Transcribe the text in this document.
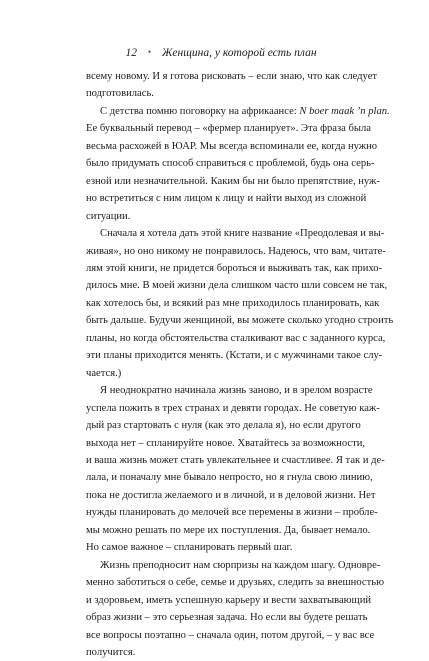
12 • Женщина, у которой есть план

всему новому. И я готова рисковать – если знаю, что как следует
подготовилась.

С детства помню поговорку на африкаансе: N boer maak ’n plan.
Ее буквальный перевод – «фермер планирует». Эта фраза была
весьма расхожей в ЮАР. Мы всегда вспоминали ее, когда нужно
было придумать способ справиться с проблемой, будь она серь-
езной или незначительной. Каким бы ни было препятствие, нуж-
но встретиться с ним лицом к лицу и найти выход из сложной
ситуации.

Сначала я хотела дать этой книге название «Преодолевая и вы-
живая», но оно никому не понравилось. Надеюсь, что вам, читате-
лям этой книги, не придется бороться и выживать так, как прихо-
дилось мне. В моей жизни дела слишком часто шли совсем не так,
как хотелось бы, и всякий раз мне приходилось планировать, как
быть дальше. Будучи женщиной, вы можете сколько угодно строить
планы, но когда обстоятельства сталкивают вас с заданного курса,
эти планы приходится менять. (Кстати, и с мужчинами такое слу-
чается.)

Я неоднократно начинала жизнь заново, и в зрелом возрасте
успела пожить в трех странах и девяти городах. Не советую каж-
дый раз стартовать с нуля (как это делала я), но если другого
выхода нет – спланируйте новое. Хватайтесь за возможности,
и ваша жизнь может стать увлекательнее и счастливее. Я так и де-
лала, и поначалу мне бывало непросто, но я гнула свою линию,
пока не достигла желаемого и в личной, и в деловой жизни. Нет
нужды планировать до мелочей все перемены в жизни – пробле-
мы можно решать по мере их поступления. Да, бывает немало.
Но самое важное – спланировать первый шаг.

Жизнь преподносит нам сюрпризы на каждом шагу. Одновре-
менно заботиться о себе, семье и друзьях, следить за внешностью
и здоровьем, иметь успешную карьеру и вести захватывающий
образ жизни – это серьезная задача. Но если вы будете решать
все вопросы поэтапно – сначала один, потом другой, – у вас все
получится.
